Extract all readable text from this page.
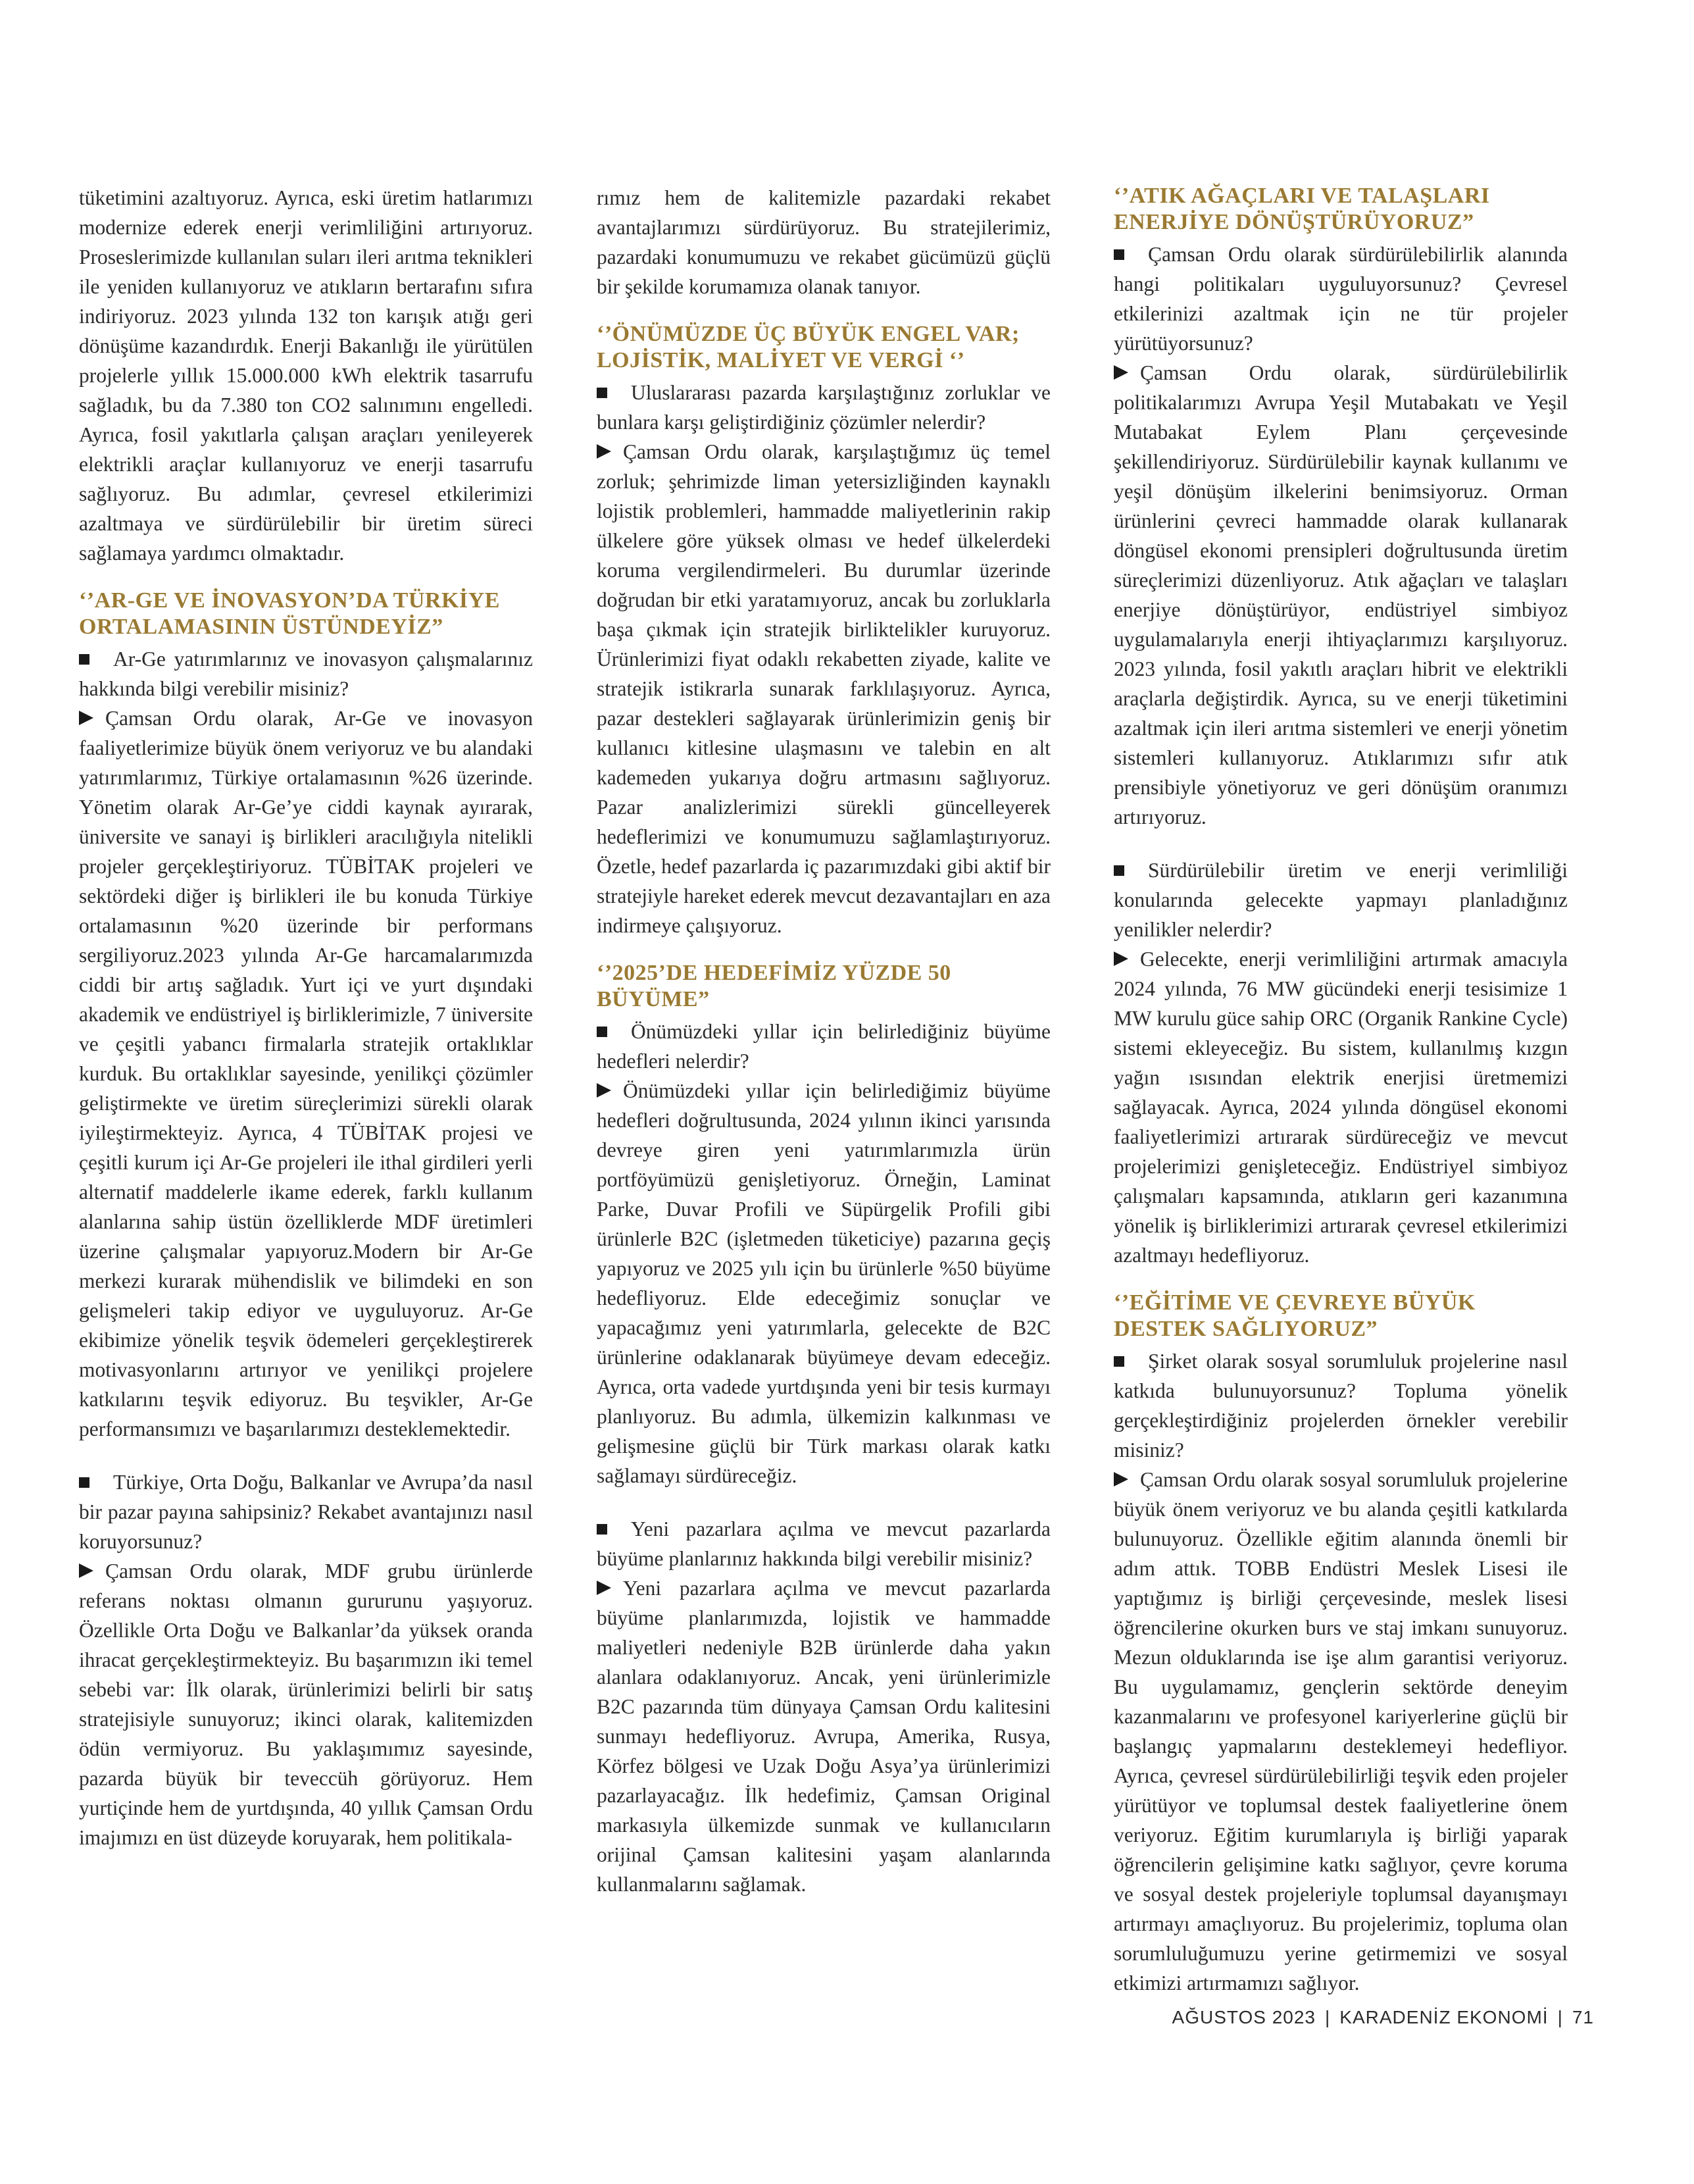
tüketimini azaltıyoruz. Ayrıca, eski üretim hatlarımızı modernize ederek enerji verimliliğini artırıyoruz. Proseslerimizde kullanılan suları ileri arıtma teknikleri ile yeniden kullanıyoruz ve atıkların bertarafını sıfıra indiriyoruz. 2023 yılında 132 ton karışık atığı geri dönüşüme kazandırdık. Enerji Bakanlığı ile yürütülen projelerle yıllık 15.000.000 kWh elektrik tasarrufu sağladık, bu da 7.380 ton CO2 salınımını engelledi. Ayrıca, fosil yakıtlarla çalışan araçları yenileyerek elektrikli araçlar kullanıyoruz ve enerji tasarrufu sağlıyoruz. Bu adımlar, çevresel etkilerimizi azaltmaya ve sürdürülebilir bir üretim süreci sağlamaya yardımcı olmaktadır.

‘’AR-GE VE İNOVASYON’DA TÜRKİYE ORTALAMASININ ÜSTÜNDEYİZ”

Ar-Ge yatırımlarınız ve inovasyon çalışmalarınız hakkında bilgi verebilir misiniz?

Çamsan Ordu olarak, Ar-Ge ve inovasyon faaliyetlerimize büyük önem veriyoruz ve bu alandaki yatırımlarımız, Türkiye ortalamasının %26 üzerinde. Yönetim olarak Ar-Ge’ye ciddi kaynak ayırarak, üniversite ve sanayi iş birlikleri aracılığıyla nitelikli projeler gerçekleştiriyoruz. TÜBİTAK projeleri ve sektördeki diğer iş birlikleri ile bu konuda Türkiye ortalamasının %20 üzerinde bir performans sergiliyoruz.2023 yılında Ar-Ge harcamalarımızda ciddi bir artış sağladık. Yurt içi ve yurt dışındaki akademik ve endüstriyel iş birliklerimizle, 7 üniversite ve çeşitli yabancı firmalarla stratejik ortaklıklar kurduk. Bu ortaklıklar sayesinde, yenilikçi çözümler geliştirmekte ve üretim süreçlerimizi sürekli olarak iyileştirmekteyiz. Ayrıca, 4 TÜBİTAK projesi ve çeşitli kurum içi Ar-Ge projeleri ile ithal girdileri yerli alternatif maddelerle ikame ederek, farklı kullanım alanlarına sahip üstün özelliklerde MDF üretimleri üzerine çalışmalar yapıyoruz.Modern bir Ar-Ge merkezi kurarak mühendislik ve bilimdeki en son gelişmeleri takip ediyor ve uyguluyoruz. Ar-Ge ekibimize yönelik teşvik ödemeleri gerçekleştirerek motivasyonlarını artırıyor ve yenilikçi projelere katkılarını teşvik ediyoruz. Bu teşvikler, Ar-Ge performansımızı ve başarılarımızı desteklemektedir.

Türkiye, Orta Doğu, Balkanlar ve Avrupa’da nasıl bir pazar payına sahipsiniz? Rekabet avantajınızı nasıl koruyorsunuz?

Çamsan Ordu olarak, MDF grubu ürünlerde referans noktası olmanın gururunu yaşıyoruz. Özellikle Orta Doğu ve Balkanlar’da yüksek oranda ihracat gerçekleştirmekteyiz. Bu başarımızın iki temel sebebi var: İlk olarak, ürünlerimizi belirli bir satış stratejisiyle sunuyoruz; ikinci olarak, kalitemizden ödün vermiyoruz. Bu yaklaşımımız sayesinde, pazarda büyük bir teveccüh görüyoruz. Hem yurtiçinde hem de yurtdışında, 40 yıllık Çamsan Ordu imajımızı en üst düzeyde koruyarak, hem politikala-

rımız hem de kalitemizle pazardaki rekabet avantajlarımızı sürdürüyoruz. Bu stratejilerimiz, pazardaki konumumuzu ve rekabet gücümüzü güçlü bir şekilde korumamıza olanak tanıyor.

‘’ÖNÜMÜZDE ÜÇ BÜYÜK ENGEL VAR; LOJİSTİK, MALİYET VE VERGİ ‘’

Uluslararası pazarda karşılaştığınız zorluklar ve bunlara karşı geliştirdiğiniz çözümler nelerdir?

Çamsan Ordu olarak, karşılaştığımız üç temel zorluk; şehrimizde liman yetersizliğinden kaynaklı lojistik problemleri, hammadde maliyetlerinin rakip ülkelere göre yüksek olması ve hedef ülkelerdeki koruma vergilendirmeleri. Bu durumlar üzerinde doğrudan bir etki yaratamıyoruz, ancak bu zorluklarla başa çıkmak için stratejik birliktelikler kuruyoruz. Ürünlerimizi fiyat odaklı rekabetten ziyade, kalite ve stratejik istikrarla sunarak farklılaşıyoruz. Ayrıca, pazar destekleri sağlayarak ürünlerimizin geniş bir kullanıcı kitlesine ulaşmasını ve talebin en alt kademeden yukarıya doğru artmasını sağlıyoruz. Pazar analizlerimizi sürekli güncelleyerek hedeflerimizi ve konumumuzu sağlamlaştırıyoruz. Özetle, hedef pazarlarda iç pazarımızdaki gibi aktif bir stratejiyle hareket ederek mevcut dezavantajları en aza indirmeye çalışıyoruz.

‘’2025’DE HEDEFİMİZ YÜZDE 50 BÜYÜME”

Önümüzdeki yıllar için belirlediğiniz büyüme hedefleri nelerdir?

Önümüzdeki yıllar için belirlediğimiz büyüme hedefleri doğrultusunda, 2024 yılının ikinci yarısında devreye giren yeni yatırımlarımızla ürün portföyümüzü genişletiyoruz. Örneğin, Laminat Parke, Duvar Profili ve Süpürgelik Profili gibi ürünlerle B2C (işletmeden tüketiciye) pazarına geçiş yapıyoruz ve 2025 yılı için bu ürünlerle %50 büyüme hedefliyoruz. Elde edeceğimiz sonuçlar ve yapacağımız yeni yatırımlarla, gelecekte de B2C ürünlerine odaklanarak büyümeye devam edeceğiz. Ayrıca, orta vadede yurtdışında yeni bir tesis kurmayı planlıyoruz. Bu adımla, ülkemizin kalkınması ve gelişmesine güçlü bir Türk markası olarak katkı sağlamayı sürdüreceğiz.

Yeni pazarlara açılma ve mevcut pazarlarda büyüme planlarınız hakkında bilgi verebilir misiniz?

Yeni pazarlara açılma ve mevcut pazarlarda büyüme planlarımızda, lojistik ve hammadde maliyetleri nedeniyle B2B ürünlerde daha yakın alanlara odaklanıyoruz. Ancak, yeni ürünlerimizle B2C pazarında tüm dünyaya Çamsan Ordu kalitesini sunmayı hedefliyoruz. Avrupa, Amerika, Rusya, Körfez bölgesi ve Uzak Doğu Asya’ya ürünlerimizi pazarlayacağız. İlk hedefimiz, Çamsan Original markasıyla ülkemizde sunmak ve kullanıcıların orijinal Çamsan kalitesini yaşam alanlarında kullanmalarını sağlamak.

‘’ATIK AĞAÇLARI VE TALAŞLARI ENERJİYE DÖNÜŞTÜRÜYORUZ”

Çamsan Ordu olarak sürdürülebilirlik alanında hangi politikaları uyguluyorsunuz? Çevresel etkilerinizi azaltmak için ne tür projeler yürütüyorsunuz?

Çamsan Ordu olarak, sürdürülebilirlik politikalarımızı Avrupa Yeşil Mutabakatı ve Yeşil Mutabakat Eylem Planı çerçevesinde şekillendiriyoruz. Sürdürülebilir kaynak kullanımı ve yeşil dönüşüm ilkelerini benimsiyoruz. Orman ürünlerini çevreci hammadde olarak kullanarak döngüsel ekonomi prensipleri doğrultusunda üretim süreçlerimizi düzenliyoruz. Atık ağaçları ve talaşları enerjiye dönüştürüyor, endüstriyel simbiyoz uygulamalarıyla enerji ihtiyaçlarımızı karşılıyoruz. 2023 yılında, fosil yakıtlı araçları hibrit ve elektrikli araçlarla değiştirdik. Ayrıca, su ve enerji tüketimini azaltmak için ileri arıtma sistemleri ve enerji yönetim sistemleri kullanıyoruz. Atıklarımızı sıfır atık prensibiyle yönetiyoruz ve geri dönüşüm oranımızı artırıyoruz.

Sürdürülebilir üretim ve enerji verimliliği konularında gelecekte yapmayı planladığınız yenilikler nelerdir?

Gelecekte, enerji verimliliğini artırmak amacıyla 2024 yılında, 76 MW gücündeki enerji tesisimize 1 MW kurulu güce sahip ORC (Organik Rankine Cycle) sistemi ekleyeceğiz. Bu sistem, kullanılmış kızgın yağın ısısından elektrik enerjisi üretmemizi sağlayacak. Ayrıca, 2024 yılında döngüsel ekonomi faaliyetlerimizi artırarak sürdüreceğiz ve mevcut projelerimizi genişleteceğiz. Endüstriyel simbiyoz çalışmaları kapsamında, atıkların geri kazanımına yönelik iş birliklerimizi artırarak çevresel etkilerimizi azaltmayı hedefliyoruz.

‘’EĞİTİME VE ÇEVREYE BÜYÜK DESTEK SAĞLIYORUZ”

Şirket olarak sosyal sorumluluk projelerine nasıl katkıda bulunuyorsunuz? Topluma yönelik gerçekleştirdiğiniz projelerden örnekler verebilir misiniz?

Çamsan Ordu olarak sosyal sorumluluk projelerine büyük önem veriyoruz ve bu alanda çeşitli katkılarda bulunuyoruz. Özellikle eğitim alanında önemli bir adım attık. TOBB Endüstri Meslek Lisesi ile yaptığımız iş birliği çerçevesinde, meslek lisesi öğrencilerine okurken burs ve staj imkanı sunuyoruz. Mezun olduklarında ise işe alım garantisi veriyoruz. Bu uygulamamız, gençlerin sektörde deneyim kazanmalarını ve profesyonel kariyerlerine güçlü bir başlangıç yapmalarını desteklemeyi hedefliyor. Ayrıca, çevresel sürdürülebilirliği teşvik eden projeler yürütüyor ve toplumsal destek faaliyetlerine önem veriyoruz. Eğitim kurumlarıyla iş birliği yaparak öğrencilerin gelişimine katkı sağlıyor, çevre koruma ve sosyal destek projeleriyle toplumsal dayanışmayı artırmayı amaçlıyoruz. Bu projelerimiz, topluma olan sorumluluğumuzu yerine getirmemizi ve sosyal etkimizi artırmamızı sağlıyor.

AĞUSTOS 2023 | KARADENİZ EKONOMİ | 71
